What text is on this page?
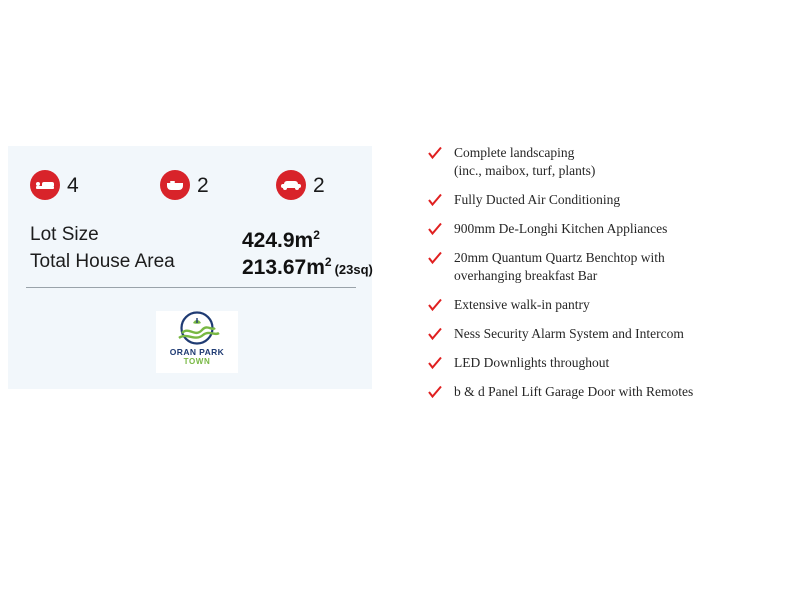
4	2	2
Lot Size	$424.9m^2$
Total House Area	$213.67m^2$ (23sq)
ORAN PARK
TOWN
Complete landscaping
(inc., maibox, turf, plants)
Fully Ducted Air Conditioning
900mm De-Longhi Kitchen Appliances
20mm Quantum Quartz Benchtop with
overhanging breakfast Bar
Extensive walk-in pantry
Ness Security Alarm System and Intercom
LED Downlights throughout
b & d Panel Lift Garage Door with Remotes
